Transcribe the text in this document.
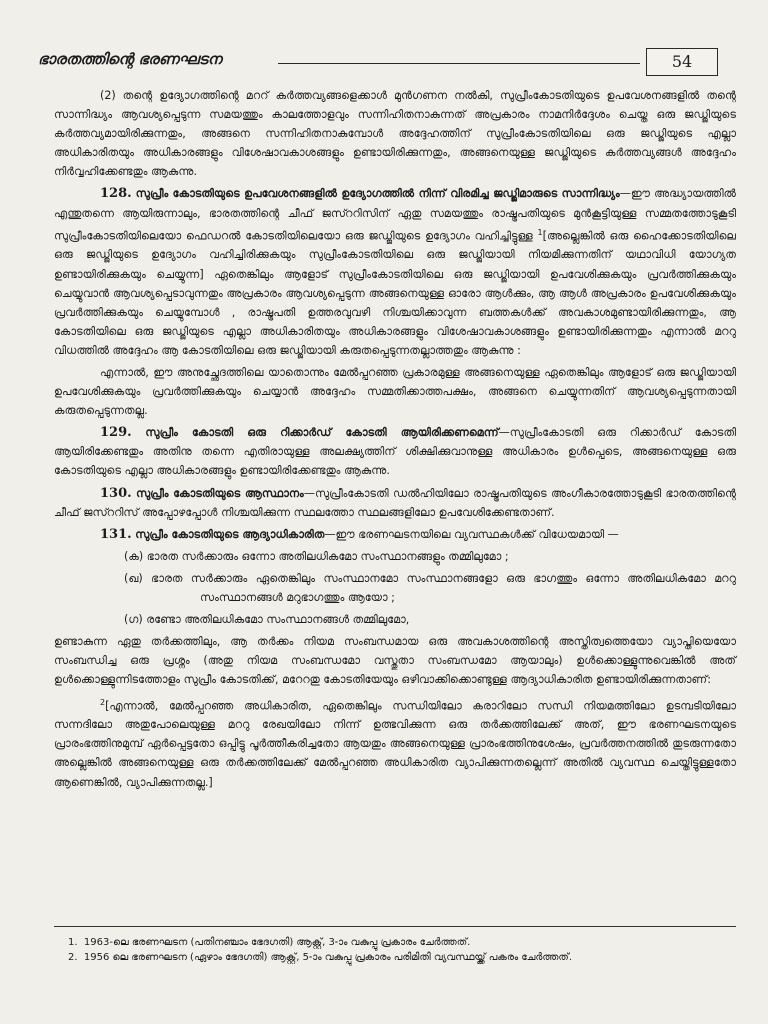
ഭാരതത്തിന്റെ ഭരണഘടന	54

(2) തന്റെ ഉദ്യോഗത്തിന്റെ മററ് കർത്തവ്യങ്ങളെക്കാൾ മുൻഗണന നൽകി, സുപ്രീംകോടതിയുടെ ഉപവേശനങ്ങളിൽ തന്റെ സാന്നിദ്ധ്യം ആവശ്യപ്പെടുന്ന സമയത്തും കാലത്തോളവും സന്നിഹിതനാകുന്നത് അപ്രകാരം നാമനിർദ്ദേശം ചെയ്ത ഒരു ജഡ്ജിയുടെ കർത്തവ്യമായിരിക്കുന്നതും, അങ്ങനെ സന്നിഹിതനാകുമ്പോൾ അദ്ദേഹത്തിന് സുപ്രീംകോടതിയിലെ ഒരു ജഡ്ജിയുടെ എല്ലാ അധികാരിതയും അധികാരങ്ങളും വിശേഷാവകാശങ്ങളും ഉണ്ടായിരിക്കുന്നതും, അങ്ങനെയുള്ള ജഡ്ജിയുടെ കർത്തവ്യങ്ങൾ അദ്ദേഹം നിർവ്വഹിക്കേണ്ടതും ആകുന്നു.

128. സുപ്രീം കോടതിയുടെ ഉപവേശനങ്ങളിൽ ഉദ്യോഗത്തിൽ നിന്ന് വിരമിച്ച ജഡ്ജിമാരുടെ സാന്നിദ്ധ്യം—ഈ അദ്ധ്യായത്തിൽ എന്തുതന്നെ ആയിരുന്നാലും, ഭാരതത്തിന്റെ ചീഫ് ജസ്ററിസിന് ഏതു സമയത്തും രാഷ്ട്രപതിയുടെ മുൻകൂട്ടിയുള്ള സമ്മതത്തോടുകൂടി സുപ്രീംകോടതിയിലെയോ ഫെഡറൽ കോടതിയിലെയോ ഒരു ജഡ്ജിയുടെ ഉദ്യോഗം വഹിച്ചിട്ടുള്ള $^1$[അല്ലെങ്കിൽ ഒരു ഹൈക്കോടതിയിലെ ഒരു ജഡ്ജിയുടെ ഉദ്യോഗം വഹിച്ചിരിക്കുകയും സുപ്രീംകോടതിയിലെ ഒരു ജഡ്ജിയായി നിയമിക്കുന്നതിന് യഥാവിധി യോഗ്യത ഉണ്ടായിരിക്കുകയും ചെയ്യുന്ന] ഏതെങ്കിലും ആളോട് സുപ്രീംകോടതിയിലെ ഒരു ജഡ്ജിയായി ഉപവേശിക്കുകയും പ്രവർത്തിക്കുകയും ചെയ്യുവാൻ ആവശ്യപ്പെടാവുന്നതും അപ്രകാരം ആവശ്യപ്പെടുന്ന അങ്ങനെയുള്ള ഓരോ ആൾക്കും, ആ ആൾ അപ്രകാരം ഉപവേശിക്കുകയും പ്രവർത്തിക്കുകയും ചെയ്യുമ്പോൾ , രാഷ്ട്രപതി ഉത്തരവുവഴി നിശ്ചയിക്കാവുന്ന ബത്തകൾക്ക് അവകാശമുണ്ടായിരിക്കുന്നതും, ആ കോടതിയിലെ ഒരു ജഡ്ജിയുടെ എല്ലാ അധികാരിതയും അധികാരങ്ങളും വിശേഷാവകാശങ്ങളും ഉണ്ടായിരിക്കുന്നതും എന്നാൽ മററു വിധത്തിൽ അദ്ദേഹം ആ കോടതിയിലെ ഒരു ജഡ്ജിയായി കരുതപ്പെടുന്നതല്ലാത്തതും ആകുന്നു :

എന്നാൽ, ഈ അനുച്ഛേദത്തിലെ യാതൊന്നും മേൽപ്പറഞ്ഞ പ്രകാരമുള്ള അങ്ങനെയുള്ള ഏതെങ്കിലും ആളോട് ഒരു ജഡ്ജിയായി ഉപവേശിക്കുകയും പ്രവർത്തിക്കുകയും ചെയ്യാൻ അദ്ദേഹം സമ്മതിക്കാത്തപക്ഷം, അങ്ങനെ ചെയ്യുന്നതിന് ആവശ്യപ്പെടുന്നതായി കരുതപ്പെടുന്നതല്ല.

129. സുപ്രീം കോടതി ഒരു റിക്കാർഡ് കോടതി ആയിരിക്കണമെന്ന്—സുപ്രീംകോടതി ഒരു റിക്കാർഡ് കോടതി ആയിരിക്കേണ്ടതും അതിനു തന്നെ എതിരായുള്ള അലക്ഷ്യത്തിന് ശിക്ഷിക്കുവാനുള്ള അധികാരം ഉൾപ്പെടെ, അങ്ങനെയുള്ള ഒരു കോടതിയുടെ എല്ലാ അധികാരങ്ങളും ഉണ്ടായിരിക്കേണ്ടതും ആകുന്നു.

130. സുപ്രീം കോടതിയുടെ ആസ്ഥാനം—സുപ്രീംകോടതി ഡൽഹിയിലോ രാഷ്ട്രപതിയുടെ അംഗീകാരത്തോടുകൂടി ഭാരതത്തിന്റെ ചീഫ് ജസ്ററിസ് അപ്പോഴപ്പോൾ നിശ്ചയിക്കുന്ന സ്ഥലത്തോ സ്ഥലങ്ങളിലോ ഉപവേശിക്കേണ്ടതാണ്.

131. സുപ്രീം കോടതിയുടെ ആദ്യാധികാരിത—ഈ ഭരണഘടനയിലെ വ്യവസ്ഥകൾക്ക് വിധേയമായി —

(ക) ഭാരത സർക്കാരും ഒന്നോ അതിലധികമോ സംസ്ഥാനങ്ങളും തമ്മിലുമോ ;

(ഖ) ഭാരത സർക്കാരും ഏതെങ്കിലും സംസ്ഥാനമോ സംസ്ഥാനങ്ങളോ ഒരു ഭാഗത്തും ഒന്നോ അതിലധികമോ മററു സംസ്ഥാനങ്ങൾ മറുഭാഗത്തും ആയോ ;

(ഗ) രണ്ടോ അതിലധികമോ സംസ്ഥാനങ്ങൾ തമ്മിലുമോ,

ഉണ്ടാകുന്ന ഏതു തർക്കത്തിലും, ആ തർക്കം നിയമ സംബന്ധമായ ഒരു അവകാശത്തിന്റെ അസ്തിത്വത്തെയോ വ്യാപ്തിയെയോ സംബന്ധിച്ച ഒരു പ്രശ്നം (അതു നിയമ സംബന്ധമോ വസ്തുതാ സംബന്ധമോ ആയാലും) ഉൾക്കൊള്ളുന്നുവെങ്കിൽ അത് ഉൾക്കൊള്ളുന്നിടത്തോളം സുപ്രീം കോടതിക്ക്, മറേറതു കോടതിയേയും ഒഴിവാക്കിക്കൊണ്ടുള്ള ആദ്യാധികാരിത ഉണ്ടായിരിക്കുന്നതാണ്:

$^2$[എന്നാൽ, മേൽപ്പറഞ്ഞ അധികാരിത, ഏതെങ്കിലും സന്ധിയിലോ കരാറിലോ സന്ധി നിയമത്തിലോ ഉടമ്പടിയിലോ സന്നദിലോ അതുപോലെയുള്ള മററു രേഖയിലോ നിന്ന് ഉത്ഭവിക്കുന്ന ഒരു തർക്കത്തിലേക്ക് അത്, ഈ ഭരണഘടനയുടെ പ്രാരംഭത്തിനുമുമ്പ് ഏർപ്പെട്ടതോ ഒപ്പിട്ടു പൂർത്തീകരിച്ചതോ ആയതും അങ്ങനെയുള്ള പ്രാരംഭത്തിനുശേഷം, പ്രവർത്തനത്തിൽ തുടരുന്നതോ അല്ലെങ്കിൽ അങ്ങനെയുള്ള ഒരു തർക്കത്തിലേക്ക് മേൽപ്പറഞ്ഞ അധികാരിത വ്യാപിക്കുന്നതല്ലെന്ന് അതിൽ വ്യവസ്ഥ ചെയ്തിട്ടുള്ളതോ ആണെങ്കിൽ, വ്യാപിക്കുന്നതല്ല.]

1. 1963-ലെ ഭരണഘടന (പതിനഞ്ചാം ഭേദഗതി) ആക്റ്റ്, 3-ാം വകുപ്പു പ്രകാരം ചേർത്തത്.
2. 1956 ലെ ഭരണഘടന (ഏഴാം ഭേദഗതി) ആക്റ്റ്, 5-ാം വകുപ്പു പ്രകാരം പരിമിതി വ്യവസ്ഥയ്ക്ക് പകരം ചേർത്തത്.
